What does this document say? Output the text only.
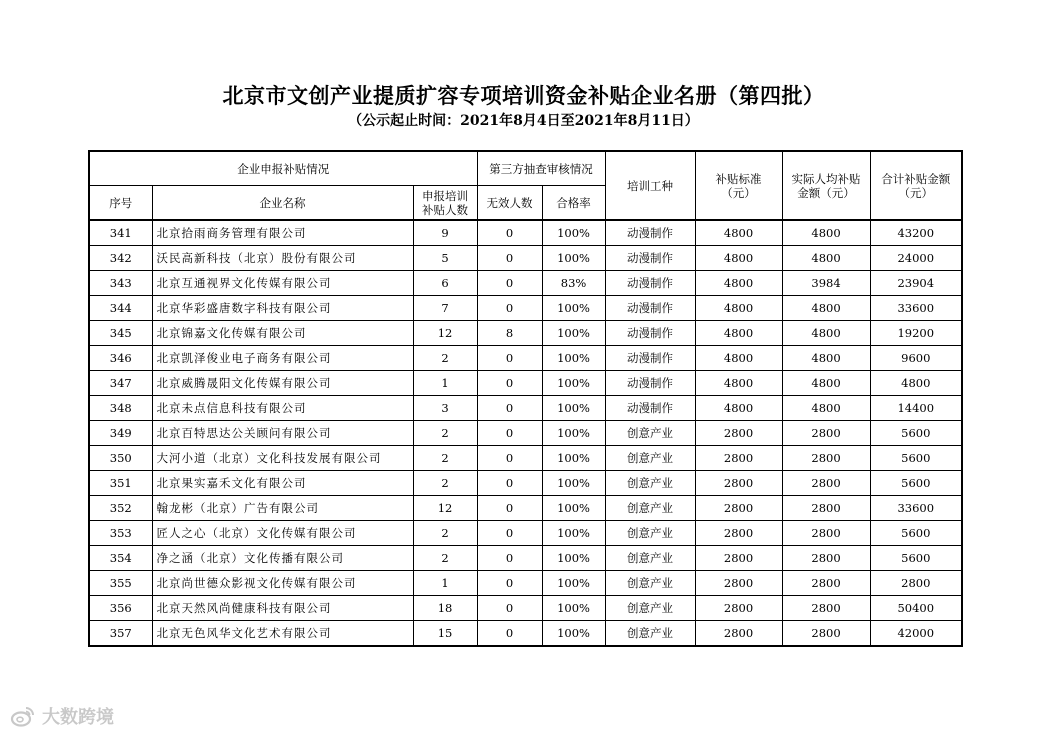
北京市文创产业提质扩容专项培训资金补贴企业名册（第四批）
（公示起止时间：2021年8月4日至2021年8月11日）
企业申报补贴情况			第三方抽查审核情况		培训工种	补贴标准（元）	实际人均补贴金额（元）	合计补贴金额（元）
序号	企业名称	申报培训补贴人数	无效人数	合格率				
341	北京拾雨商务管理有限公司	9	0	100%	动漫制作	4800	4800	43200
342	沃民高新科技（北京）股份有限公司	5	0	100%	动漫制作	4800	4800	24000
343	北京互通视界文化传媒有限公司	6	0	83%	动漫制作	4800	3984	23904
344	北京华彩盛唐数字科技有限公司	7	0	100%	动漫制作	4800	4800	33600
345	北京锦嘉文化传媒有限公司	12	8	100%	动漫制作	4800	4800	19200
346	北京凯泽俊业电子商务有限公司	2	0	100%	动漫制作	4800	4800	9600
347	北京威腾晟阳文化传媒有限公司	1	0	100%	动漫制作	4800	4800	4800
348	北京未点信息科技有限公司	3	0	100%	动漫制作	4800	4800	14400
349	北京百特思达公关顾问有限公司	2	0	100%	创意产业	2800	2800	5600
350	大河小道（北京）文化科技发展有限公司	2	0	100%	创意产业	2800	2800	5600
351	北京果实嘉禾文化有限公司	2	0	100%	创意产业	2800	2800	5600
352	翰龙彬（北京）广告有限公司	12	0	100%	创意产业	2800	2800	33600
353	匠人之心（北京）文化传媒有限公司	2	0	100%	创意产业	2800	2800	5600
354	净之涵（北京）文化传播有限公司	2	0	100%	创意产业	2800	2800	5600
355	北京尚世德众影视文化传媒有限公司	1	0	100%	创意产业	2800	2800	2800
356	北京天然风尚健康科技有限公司	18	0	100%	创意产业	2800	2800	50400
357	北京无色风华文化艺术有限公司	15	0	100%	创意产业	2800	2800	42000
大数跨境
